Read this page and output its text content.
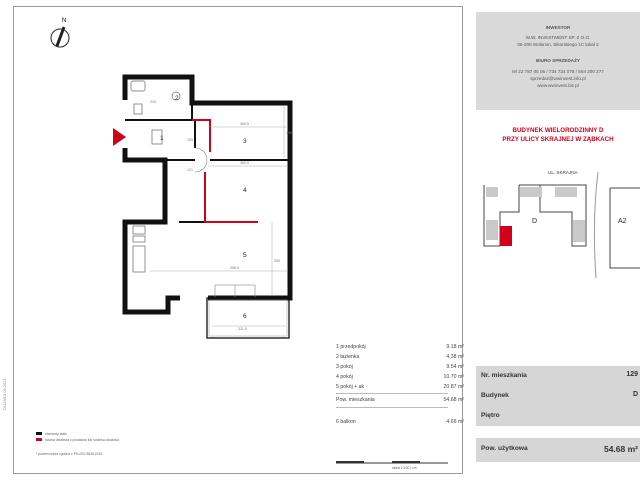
N
2
1	3
4
5
6
360.5
360.5
121
105
215
296.5
311.5
350
290
1 przedpokój	9.18 m²
2 łazienka	4.38 m²
3 pokój	9.54 m²
4 pokój	10.70 m²
5 pokój + ak	20.87 m²
Pow. mieszkania	54.68 m²
6 balkon	4.66 m²
elementy stałe
ściana działowa z pustaków lub ścianka działowa
* powierzchnia zgodna z PN-ISO 9836:2015
skala 1:100 | cm
D/129/13.09.2021
INWESTOR
W.W. INVESTMENT SP. Z O.O.
05-200 Wołomin, Sikorskiego 1C lokal 2
BIURO SPRZEDAŻY
tel 22 787 05 06 / 734 734 078 / 664 200 277
sprzedaz@wwinvest.info.pl
www.wwinvest.biz.pl
BUDYNEK WIELORODZINNY D
PRZY ULICY SKRAJNEJ W ZĄBKACH
UL. SKRAJNA
D	A2
Nr. mieszkania	129
Budynek	D
Piętro
Pow. użytkowa	54.68 m²
